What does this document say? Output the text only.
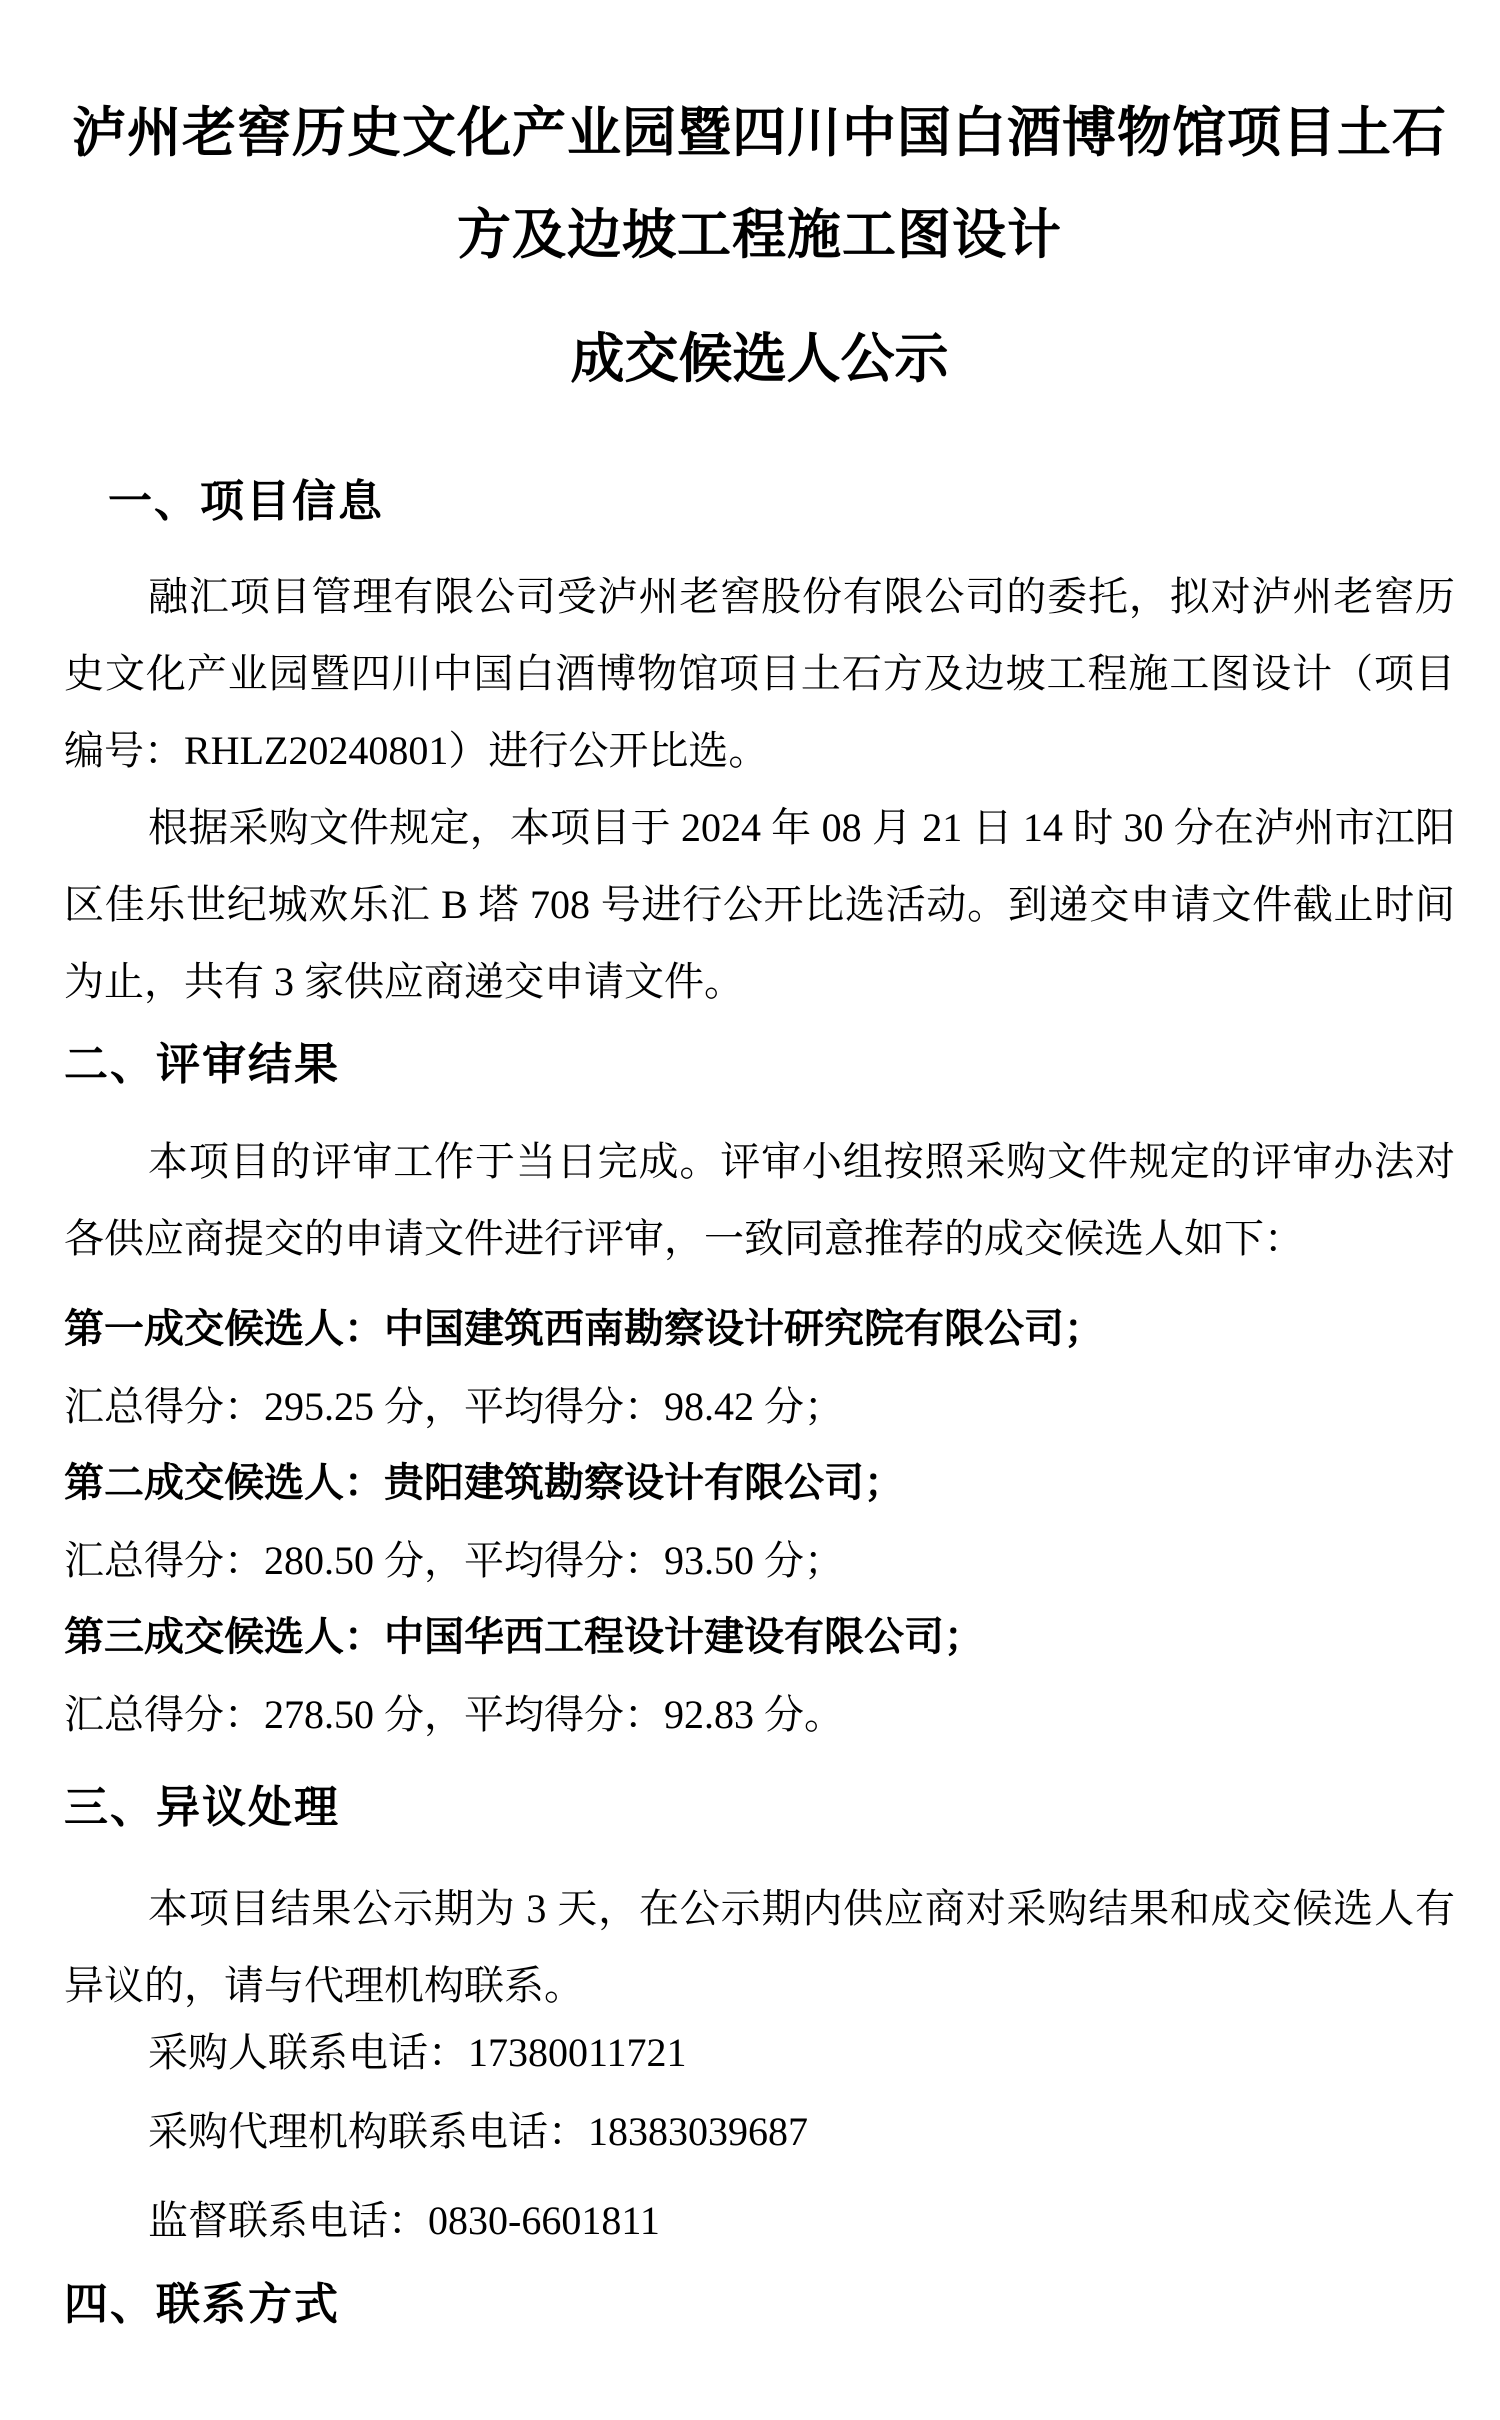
泸州老窖历史文化产业园暨四川中国白酒博物馆项目土石方及边坡工程施工图设计
成交候选人公示
一、项目信息

融汇项目管理有限公司受泸州老窖股份有限公司的委托，拟对泸州老窖历史文化产业园暨四川中国白酒博物馆项目土石方及边坡工程施工图设计（项目编号：RHLZ20240801）进行公开比选。

根据采购文件规定，本项目于 2024 年 08 月 21 日 14 时 30 分在泸州市江阳区佳乐世纪城欢乐汇 B 塔 708 号进行公开比选活动。到递交申请文件截止时间为止，共有 3 家供应商递交申请文件。

二、评审结果

本项目的评审工作于当日完成。评审小组按照采购文件规定的评审办法对各供应商提交的申请文件进行评审，一致同意推荐的成交候选人如下：

第一成交候选人：中国建筑西南勘察设计研究院有限公司；

汇总得分：295.25 分，平均得分：98.42 分；

第二成交候选人：贵阳建筑勘察设计有限公司；

汇总得分：280.50 分，平均得分：93.50 分；

第三成交候选人：中国华西工程设计建设有限公司；

汇总得分：278.50 分，平均得分：92.83 分。

三、异议处理

本项目结果公示期为 3 天，在公示期内供应商对采购结果和成交候选人有异议的，请与代理机构联系。

采购人联系电话：17380011721

采购代理机构联系电话：18383039687

监督联系电话：0830-6601811

四、联系方式
